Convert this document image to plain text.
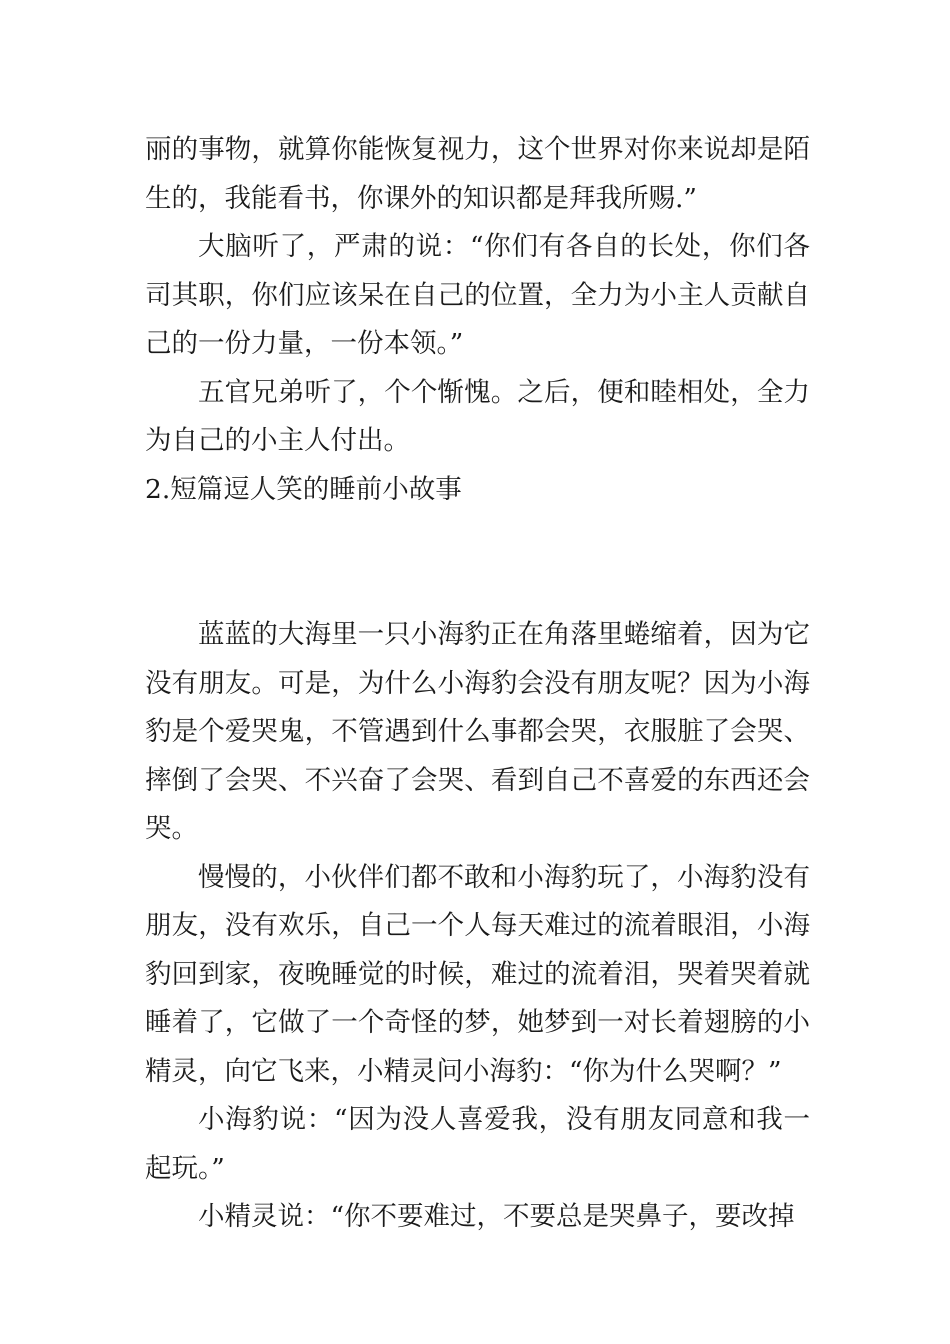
丽的事物，就算你能恢复视力，这个世界对你来说却是陌生的，我能看书，你课外的知识都是拜我所赐.”

大脑听了，严肃的说：“你们有各自的长处，你们各司其职，你们应该呆在自己的位置，全力为小主人贡献自己的一份力量，一份本领。”

五官兄弟听了，个个惭愧。之后，便和睦相处，全力为自己的小主人付出。

2.短篇逗人笑的睡前小故事

蓝蓝的大海里一只小海豹正在角落里蜷缩着，因为它没有朋友。可是，为什么小海豹会没有朋友呢？因为小海豹是个爱哭鬼，不管遇到什么事都会哭，衣服脏了会哭、摔倒了会哭、不兴奋了会哭、看到自己不喜爱的东西还会哭。

慢慢的，小伙伴们都不敢和小海豹玩了，小海豹没有朋友，没有欢乐，自己一个人每天难过的流着眼泪，小海豹回到家，夜晚睡觉的时候，难过的流着泪，哭着哭着就睡着了，它做了一个奇怪的梦，她梦到一对长着翅膀的小精灵，向它飞来，小精灵问小海豹：“你为什么哭啊？”

小海豹说：“因为没人喜爱我，没有朋友同意和我一起玩。”

小精灵说：“你不要难过，不要总是哭鼻子，要改掉
